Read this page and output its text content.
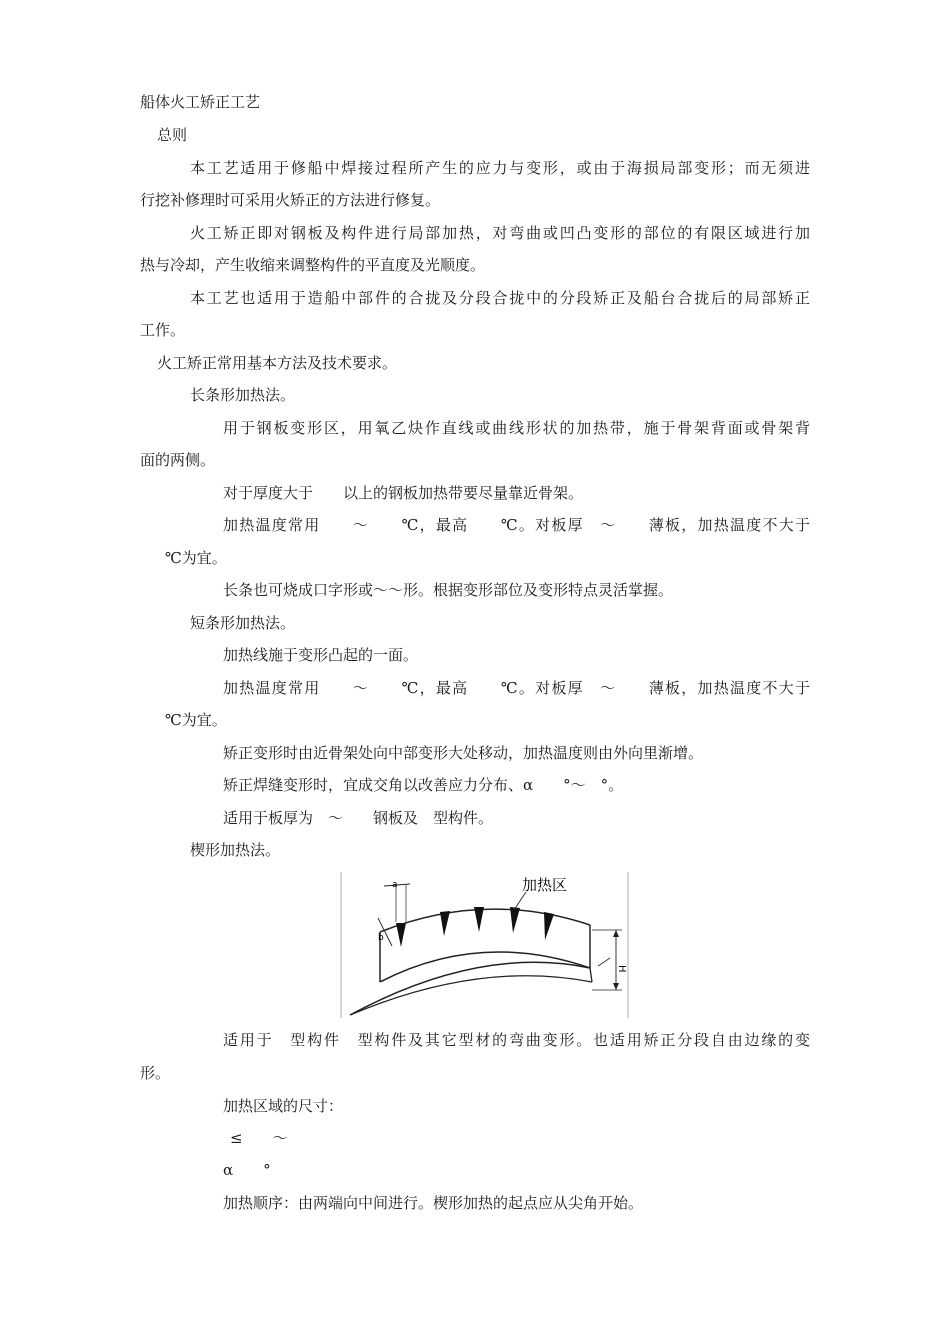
船体火工矫正工艺
总则
本工艺适用于修船中焊接过程所产生的应力与变形，或由于海损局部变形；而无须进
行挖补修理时可采用火矫正的方法进行修复。
火工矫正即对钢板及构件进行局部加热，对弯曲或凹凸变形的部位的有限区域进行加
热与冷却，产生收缩来调整构件的平直度及光顺度。
本工艺也适用于造船中部件的合拢及分段合拢中的分段矫正及船台合拢后的局部矫正
工作。
火工矫正常用基本方法及技术要求。
长条形加热法。
用于钢板变形区，用氧乙炔作直线或曲线形状的加热带，施于骨架背面或骨架背
面的两侧。
对于厚度大于　　以上的钢板加热带要尽量靠近骨架。
加热温度常用　　～　　℃，最高　　℃。对板厚　～　　薄板，加热温度不大于
℃为宜。
长条也可烧成口字形或～～形。根据变形部位及变形特点灵活掌握。
短条形加热法。
加热线施于变形凸起的一面。
加热温度常用　　～　　℃，最高　　℃。对板厚　～　　薄板，加热温度不大于
℃为宜。
矫正变形时由近骨架处向中部变形大处移动，加热温度则由外向里渐增。
矫正焊缝变形时，宜成交角以改善应力分布、α　　°～　°。
适用于板厚为　～　　钢板及　型构件。
楔形加热法。
a
b
加热区
H
适用于　型构件　型构件及其它型材的弯曲变形。也适用矫正分段自由边缘的变
形。
加热区域的尺寸：
≤　　～
α　　°
加热顺序：由两端向中间进行。楔形加热的起点应从尖角开始。
